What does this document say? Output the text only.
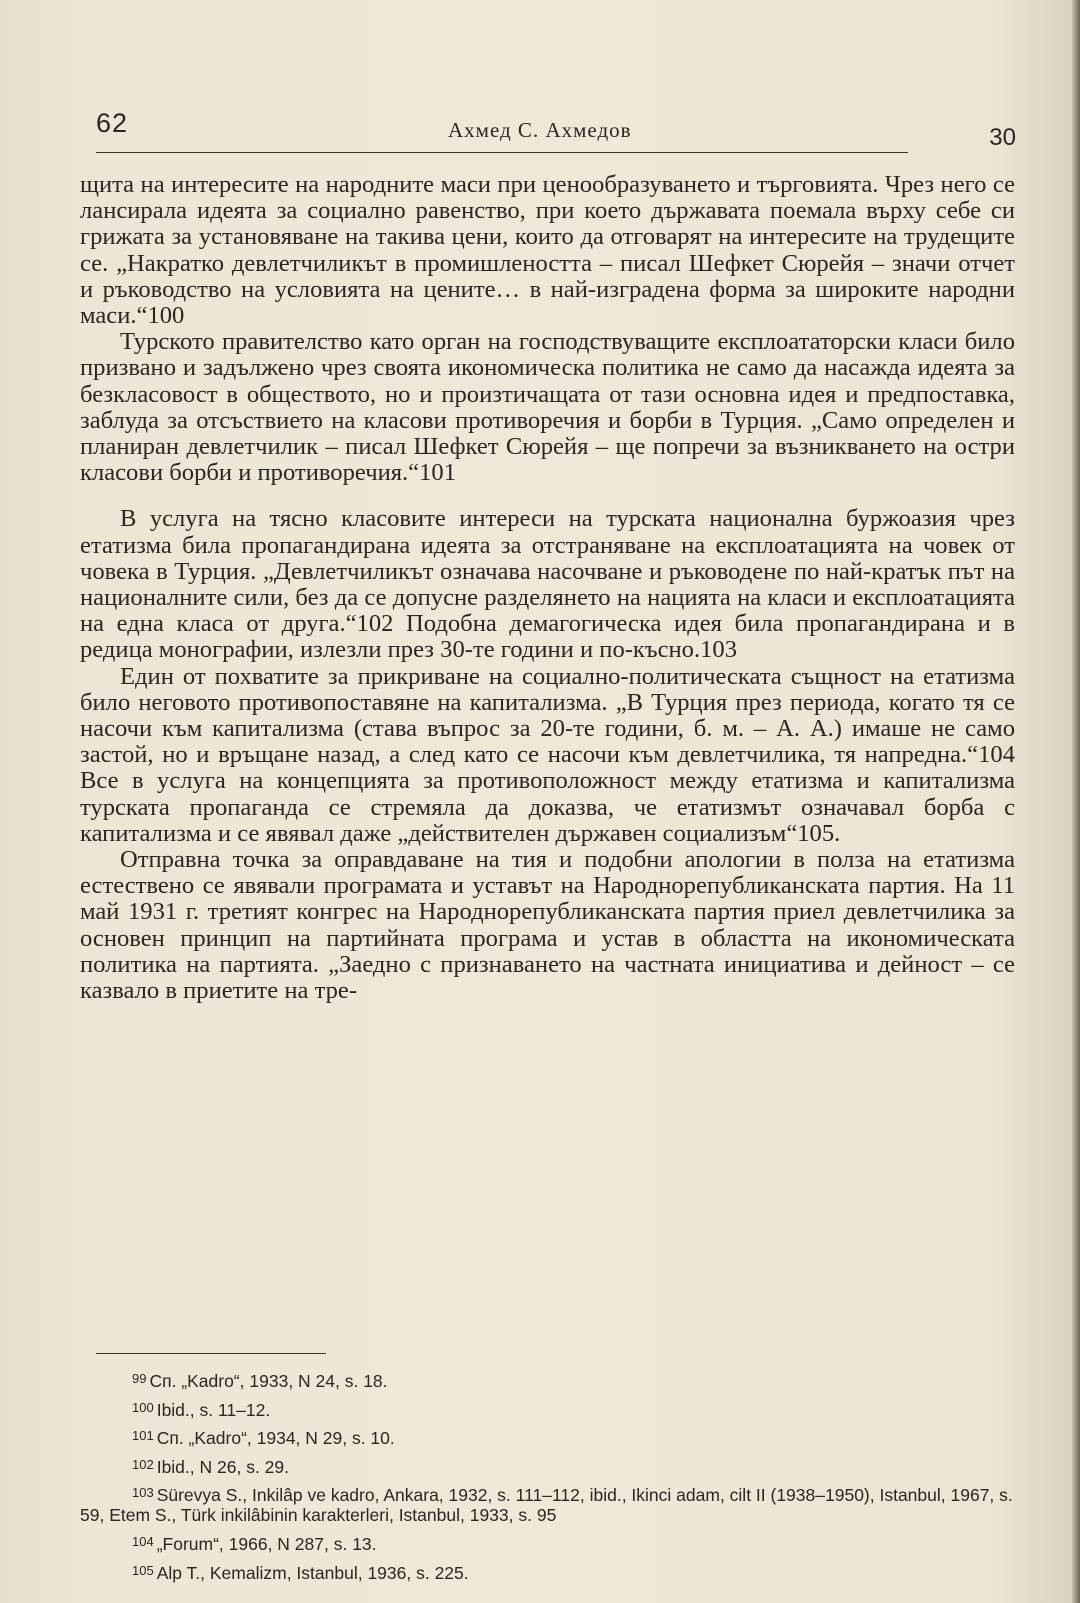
62	Ахмед С. Ахмедов	30

щита на интересите на народните маси при ценообразуването и търговията. Чрез него се лансирала идеята за социално равенство, при което държавата поемала върху себе си грижата за установяване на такива цени, които да отговарят на интересите на трудещите се. „Накратко девлетчиликът в промишлеността – писал Шефкет Сюрейя – значи отчет и ръководство на условията на цените… в най-изградена форма за широките народни маси.“100

Турското правителство като орган на господствуващите експлоататорски класи било призвано и задължено чрез своята икономическа политика не само да насажда идеята за безкласовост в обществото, но и произтичащата от тази основна идея и предпоставка, заблуда за отсъствието на класови противоречия и борби в Турция. „Само определен и планиран девлетчилик – писал Шефкет Сюрейя – ще попречи за възникването на остри класови борби и противоречия.“101

В услуга на тясно класовите интереси на турската национална буржоазия чрез етатизма била пропагандирана идеята за отстраняване на експлоатацията на човек от човека в Турция. „Девлетчиликът означава насочване и ръководене по най-кратък път на националните сили, без да се допусне разделянето на нацията на класи и експлоатацията на една класа от друга.“102 Подобна демагогическа идея била пропагандирана и в редица монографии, излезли през 30-те години и по-късно.103

Един от похватите за прикриване на социално-политическата същност на етатизма било неговото противопоставяне на капитализма. „В Турция през периода, когато тя се насочи към капитализма (става въпрос за 20-те години, б. м. – А. А.) имаше не само застой, но и връщане назад, а след като се насочи към девлетчилика, тя напредна.“104 Все в услуга на концепцията за противоположност между етатизма и капитализма турската пропаганда се стремяла да доказва, че етатизмът означавал борба с капитализма и се явявал даже „действителен държавен социализъм“105.

Отправна точка за оправдаване на тия и подобни апологии в полза на етатизма естествено се явявали програмата и уставът на Народнорепубликанската партия. На 11 май 1931 г. третият конгрес на Народнорепубликанската партия приел девлетчилика за основен принцип на партийната програма и устав в областта на икономическата политика на партията. „Заедно с признаването на частната инициатива и дейност – се казвало в приетите на тре-

$^{99}$ Сп. „Kadro“, 1933, N 24, s. 18.

$^{100}$ Ibid., s. 11–12.

$^{101}$ Сп. „Kadro“, 1934, N 29, s. 10.

$^{102}$ Ibid., N 26, s. 29.

$^{103}$ Sürevya S., Inkilâp ve kadro, Ankara, 1932, s. 111–112, ibid., Ikinci adam, cilt II (1938–1950), Istanbul, 1967, s. 59, Etem S., Türk inkilâbinin karakterleri, Istanbul, 1933, s. 95

$^{104}$ „Forum“, 1966, N 287, s. 13.

$^{105}$ Alp T., Kemalizm, Istanbul, 1936, s. 225.
